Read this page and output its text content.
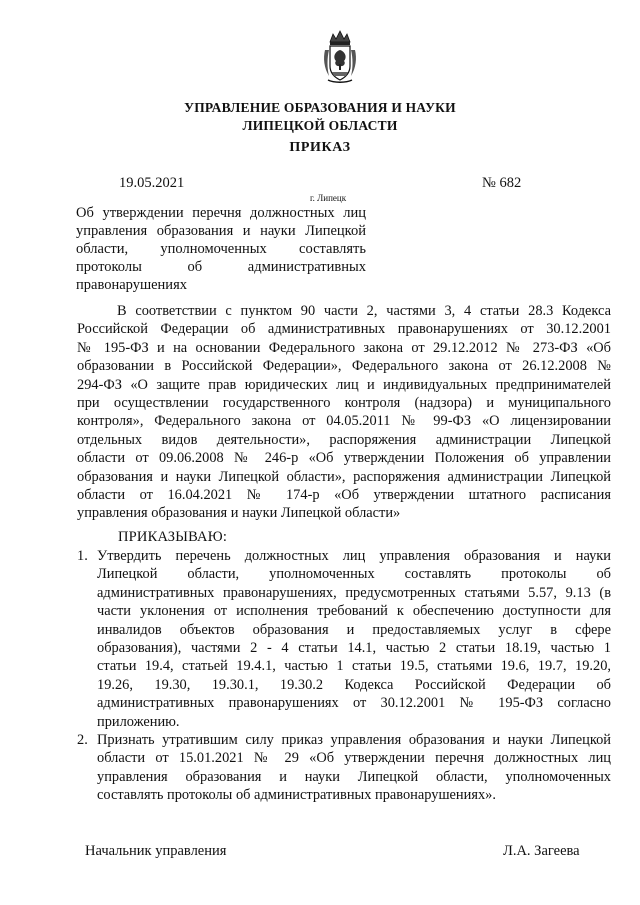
УПРАВЛЕНИЕ ОБРАЗОВАНИЯ И НАУКИ
ЛИПЕЦКОЙ ОБЛАСТИ
ПРИКАЗ
19.05.2021	№ 682
г. Липецк
Об утверждении перечня должностных лиц
управления образования и науки Липецкой
области, уполномоченных составлять
протоколы об административных
правонарушениях
В соответствии с пунктом 90 части 2, частями 3, 4 статьи 28.3 Кодекса
Российской Федерации об административных правонарушениях от 30.12.2001
№ 195-ФЗ и на основании Федерального закона от 29.12.2012 № 273-ФЗ «Об
образовании в Российской Федерации», Федерального закона от 26.12.2008 №
294-ФЗ «О защите прав юридических лиц и индивидуальных предпринимателей
при осуществлении государственного контроля (надзора) и муниципального
контроля», Федерального закона от 04.05.2011 № 99-ФЗ «О лицензировании
отдельных видов деятельности», распоряжения администрации Липецкой
области от 09.06.2008 № 246-р «Об утверждении Положения об управлении
образования и науки Липецкой области», распоряжения администрации Липецкой
области от 16.04.2021 № 174-р «Об утверждении штатного расписания
управления образования и науки Липецкой области»
ПРИКАЗЫВАЮ:
1. Утвердить перечень должностных лиц управления образования и науки
Липецкой области, уполномоченных составлять протоколы об
административных правонарушениях, предусмотренных статьями 5.57, 9.13 (в
части уклонения от исполнения требований к обеспечению доступности для
инвалидов объектов образования и предоставляемых услуг в сфере
образования), частями 2 - 4 статьи 14.1, частью 2 статьи 18.19, частью 1
статьи 19.4, статьей 19.4.1, частью 1 статьи 19.5, статьями 19.6, 19.7, 19.20,
19.26, 19.30, 19.30.1, 19.30.2 Кодекса Российской Федерации об
административных правонарушениях от 30.12.2001 № 195-ФЗ согласно
приложению.
2. Признать утратившим силу приказ управления образования и науки Липецкой
области от 15.01.2021 № 29 «Об утверждении перечня должностных лиц
управления образования и науки Липецкой области, уполномоченных
составлять протоколы об административных правонарушениях».
Начальник управления	Л.А. Загеева
